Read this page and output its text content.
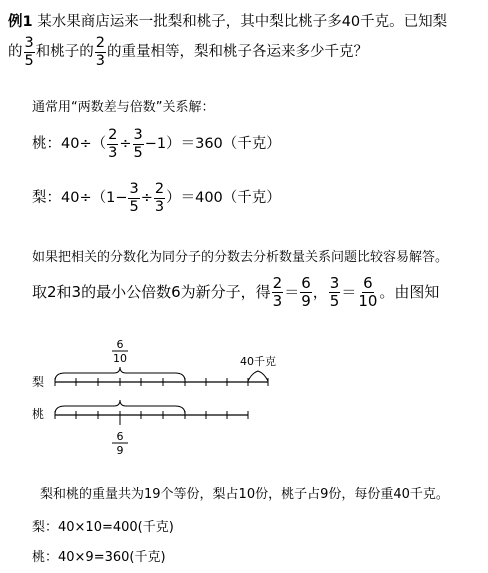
例1 某水果商店运来一批梨和桃子，其中梨比桃子多40千克。已知梨
的 $\frac{3}{5}$ 和桃子的 $\frac{2}{3}$ 的重量相等，梨和桃子各运来多少千克？
通常用“两数差与倍数”关系解：
桃：$40\div( \frac{2}{3} \div \frac{3}{5} -1)=360$（千克）
梨：$40\div(1- \frac{3}{5} \div \frac{2}{3} )=400$（千克）
如果把相关的分数化为同分子的分数去分析数量关系问题比较容易解答。
取2和3的最小公倍数6为新分子，得 $\frac{2}{3} = \frac{6}{9}$ ， $\frac{3}{5} = \frac{6}{10}$ 。由图知
6
10	40千克
梨
桃
6
9
梨和桃的重量共为19个等份，梨占10份，桃子占9份，每份重40千克。
梨：40×10=400(千克)
桃：40×9=360(千克)
